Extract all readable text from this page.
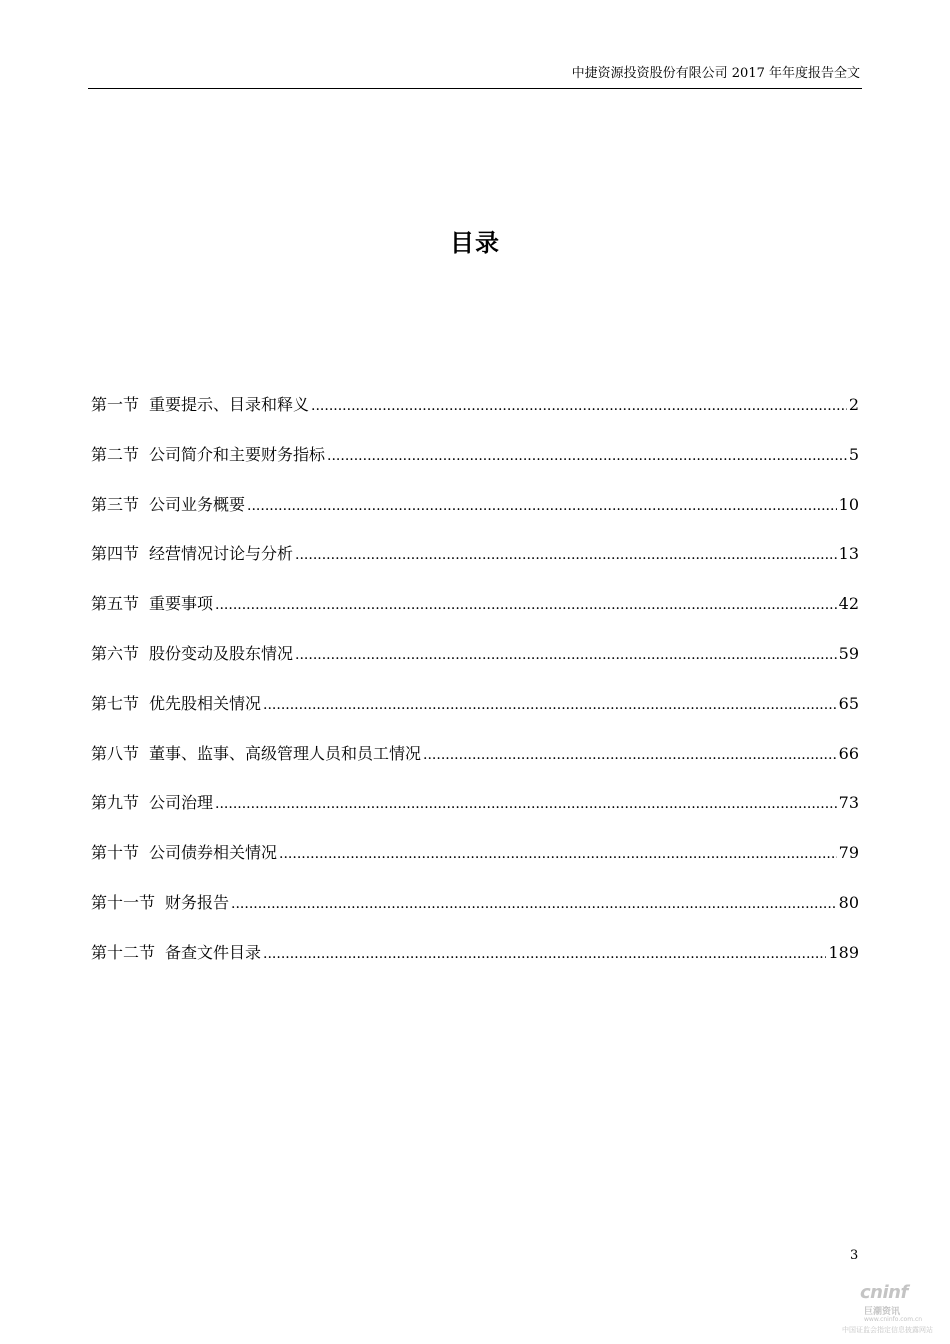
中捷资源投资股份有限公司 2017 年年度报告全文
目录
第一节 重要提示、目录和释义 .....	2
第二节 公司简介和主要财务指标 .....	5
第三节 公司业务概要 .....	10
第四节 经营情况讨论与分析 .....	13
第五节 重要事项 .....	42
第六节 股份变动及股东情况 .....	59
第七节 优先股相关情况 .....	65
第八节 董事、监事、高级管理人员和员工情况 .....	66
第九节 公司治理 .....	73
第十节 公司债券相关情况 .....	79
第十一节 财务报告 .....	80
第十二节 备查文件目录 .....	189
3
cninf
巨潮资讯
www.cninfo.com.cn
中国证监会指定信息披露网站
